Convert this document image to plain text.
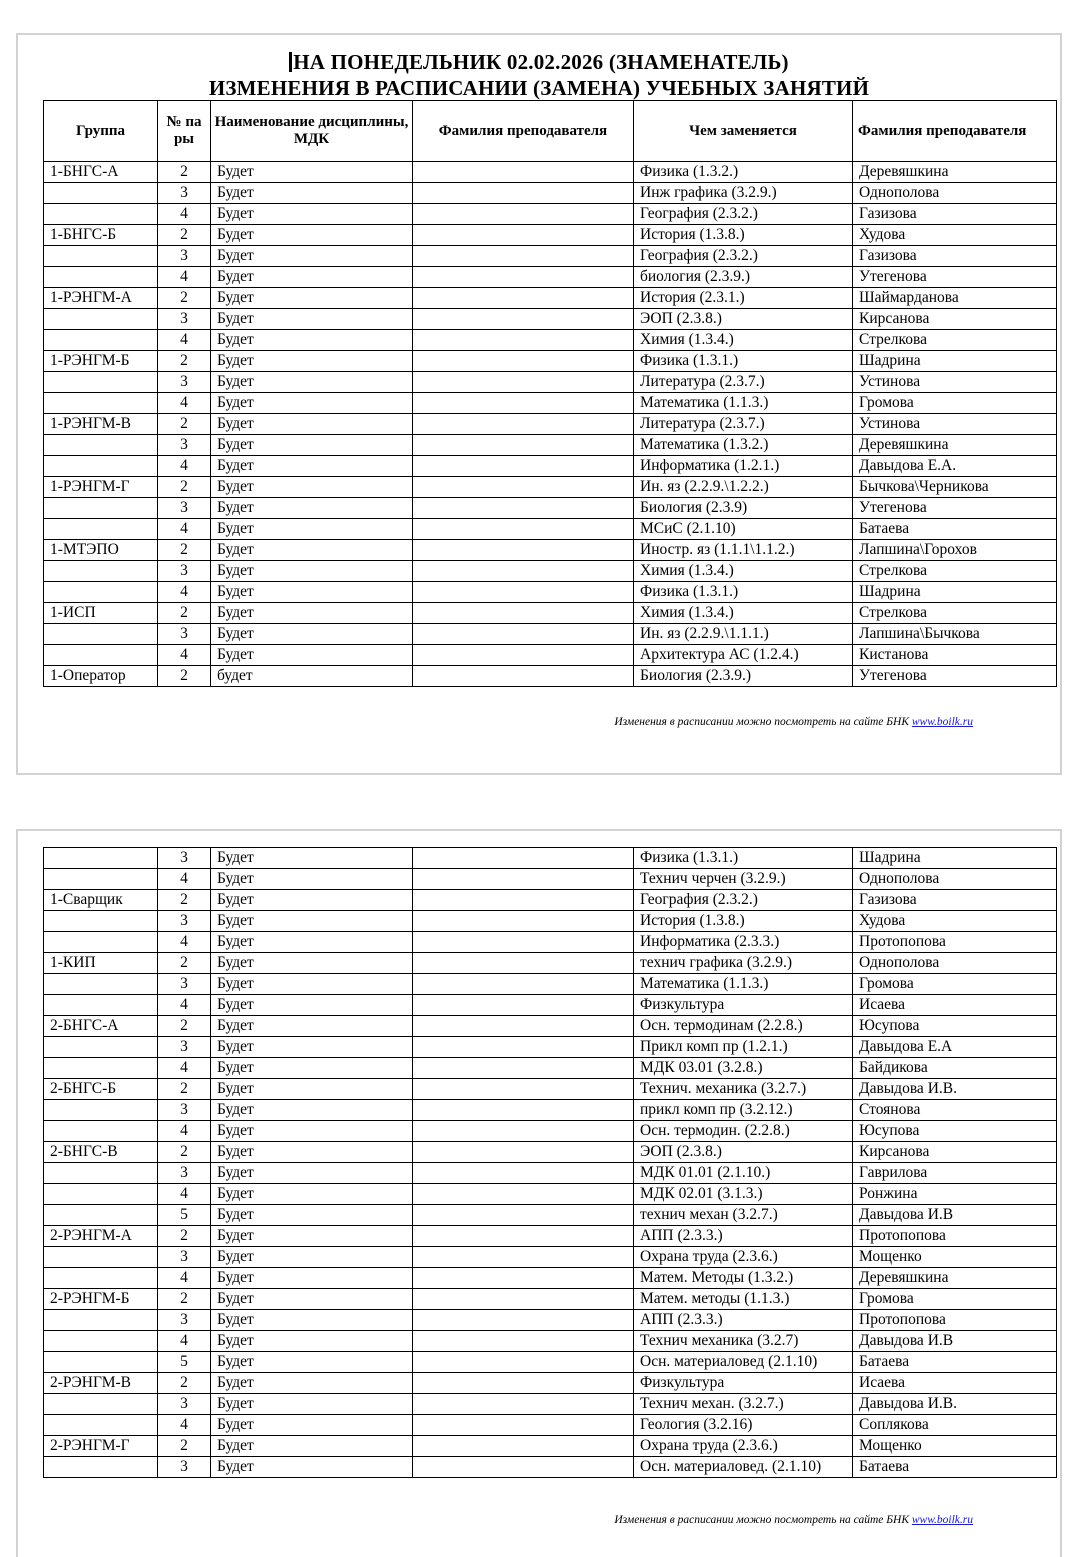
НА ПОНЕДЕЛЬНИК 02.02.2026 (ЗНАМЕНАТЕЛЬ)
ИЗМЕНЕНИЯ В РАСПИСАНИИ (ЗАМЕНА) УЧЕБНЫХ ЗАНЯТИЙ
Группа	№ па ры	Наименование дисциплины, МДК	Фамилия преподавателя	Чем заменяется	Фамилия преподавателя
1-БНГС-А	2	Будет		Физика (1.3.2.)	Деревяшкина
	3	Будет		Инж графика (3.2.9.)	Однополова
	4	Будет		География (2.3.2.)	Газизова
1-БНГС-Б	2	Будет		История (1.3.8.)	Худова
	3	Будет		География (2.3.2.)	Газизова
	4	Будет		биология (2.3.9.)	Утегенова
1-РЭНГМ-А	2	Будет		История (2.3.1.)	Шаймарданова
	3	Будет		ЭОП (2.3.8.)	Кирсанова
	4	Будет		Химия (1.3.4.)	Стрелкова
1-РЭНГМ-Б	2	Будет		Физика (1.3.1.)	Шадрина
	3	Будет		Литература (2.3.7.)	Устинова
	4	Будет		Математика (1.1.3.)	Громова
1-РЭНГМ-В	2	Будет		Литература (2.3.7.)	Устинова
	3	Будет		Математика (1.3.2.)	Деревяшкина
	4	Будет		Информатика (1.2.1.)	Давыдова Е.А.
1-РЭНГМ-Г	2	Будет		Ин. яз (2.2.9.\1.2.2.)	Бычкова\Черникова
	3	Будет		Биология (2.3.9)	Утегенова
	4	Будет		МСиС (2.1.10)	Батаева
1-МТЭПО	2	Будет		Иностр. яз (1.1.1\1.1.2.)	Лапшина\Горохов
	3	Будет		Химия (1.3.4.)	Стрелкова
	4	Будет		Физика (1.3.1.)	Шадрина
1-ИСП	2	Будет		Химия (1.3.4.)	Стрелкова
	3	Будет		Ин. яз (2.2.9.\1.1.1.)	Лапшина\Бычкова
	4	Будет		Архитектура АС (1.2.4.)	Кистанова
1-Оператор	2	будет		Биология (2.3.9.)	Утегенова
Изменения в расписании можно посмотреть на сайте БНК www.boilk.ru
	3	Будет		Физика (1.3.1.)	Шадрина
	4	Будет		Технич черчен (3.2.9.)	Однополова
1-Сварщик	2	Будет		География (2.3.2.)	Газизова
	3	Будет		История (1.3.8.)	Худова
	4	Будет		Информатика (2.3.3.)	Протопопова
1-КИП	2	Будет		технич графика (3.2.9.)	Однополова
	3	Будет		Математика (1.1.3.)	Громова
	4	Будет		Физкультура	Исаева
2-БНГС-А	2	Будет		Осн. термодинам (2.2.8.)	Юсупова
	3	Будет		Прикл комп пр (1.2.1.)	Давыдова Е.А
	4	Будет		МДК 03.01 (3.2.8.)	Байдикова
2-БНГС-Б	2	Будет		Технич. механика (3.2.7.)	Давыдова И.В.
	3	Будет		прикл комп пр (3.2.12.)	Стоянова
	4	Будет		Осн. термодин. (2.2.8.)	Юсупова
2-БНГС-В	2	Будет		ЭОП (2.3.8.)	Кирсанова
	3	Будет		МДК 01.01 (2.1.10.)	Гаврилова
	4	Будет		МДК 02.01 (3.1.3.)	Ронжина
	5	Будет		технич механ (3.2.7.)	Давыдова И.В
2-РЭНГМ-А	2	Будет		АПП (2.3.3.)	Протопопова
	3	Будет		Охрана труда (2.3.6.)	Мощенко
	4	Будет		Матем. Методы (1.3.2.)	Деревяшкина
2-РЭНГМ-Б	2	Будет		Матем. методы (1.1.3.)	Громова
	3	Будет		АПП (2.3.3.)	Протопопова
	4	Будет		Технич механика (3.2.7)	Давыдова И.В
	5	Будет		Осн. материаловед (2.1.10)	Батаева
2-РЭНГМ-В	2	Будет		Физкультура	Исаева
	3	Будет		Технич механ. (3.2.7.)	Давыдова И.В.
	4	Будет		Геология (3.2.16)	Соплякова
2-РЭНГМ-Г	2	Будет		Охрана труда (2.3.6.)	Мощенко
	3	Будет		Осн. материаловед. (2.1.10)	Батаева
Изменения в расписании можно посмотреть на сайте БНК www.boilk.ru
